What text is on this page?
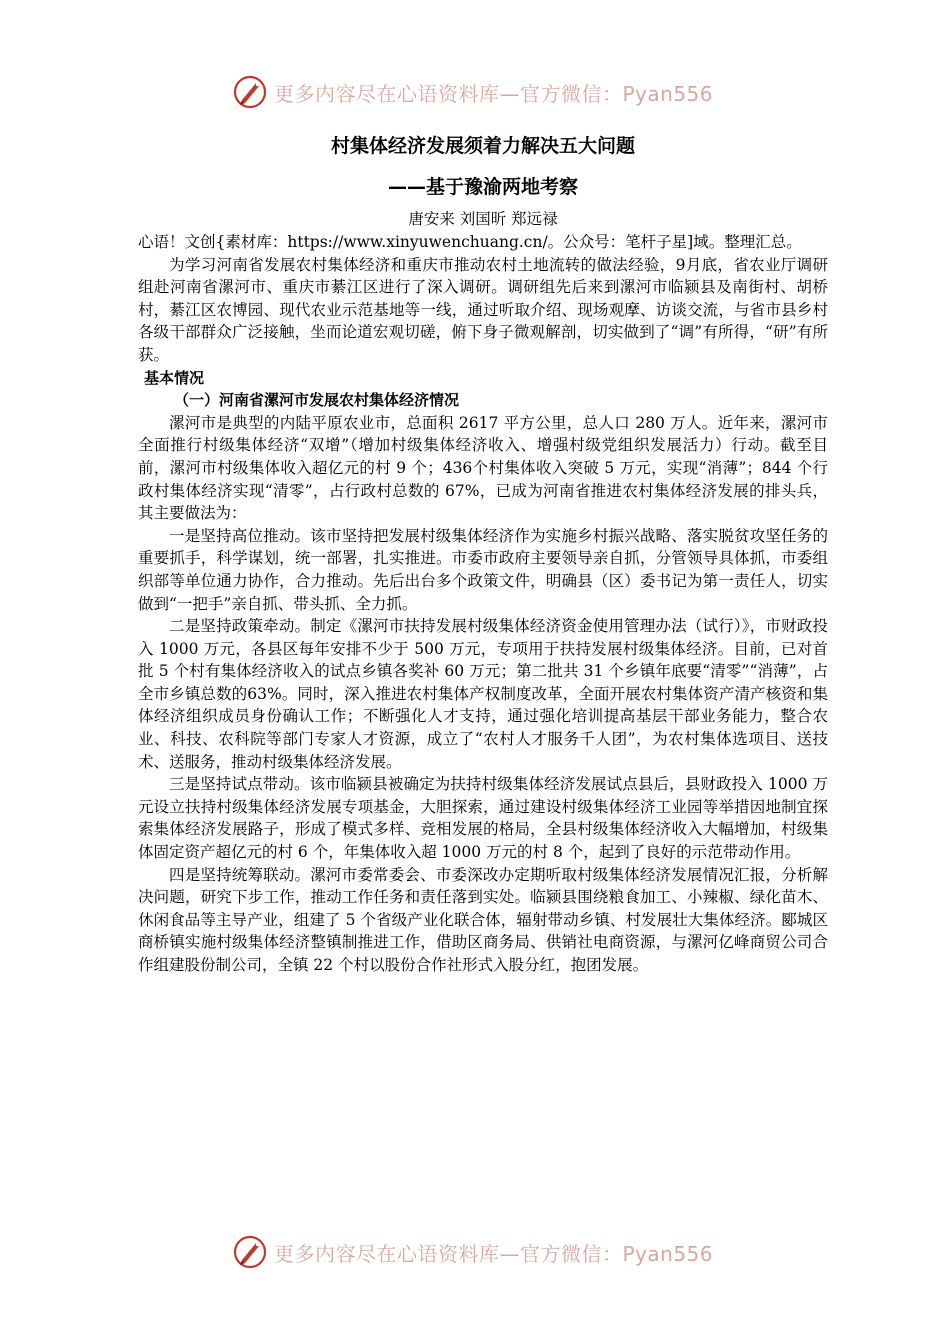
更多内容尽在心语资料库—官方微信：Pyan556
村集体经济发展须着力解决五大问题
——基于豫渝两地考察
唐安来 刘国昕 郑远禄

心语！文创{素材库：https://www.xinyuwenchuang.cn/。公众号：笔杆子星]域。整理汇总。

为学习河南省发展农村集体经济和重庆市推动农村土地流转的做法经验，9月底，省农业厅调研组赴河南省漯河市、重庆市綦江区进行了深入调研。调研组先后来到漯河市临颍县及南街村、胡桥村，綦江区农博园、现代农业示范基地等一线，通过听取介绍、现场观摩、访谈交流，与省市县乡村各级干部群众广泛接触，坐而论道宏观切磋，俯下身子微观解剖，切实做到了“调”有所得，“研”有所获。

基本情况
（一）河南省漯河市发展农村集体经济情况

漯河市是典型的内陆平原农业市，总面积 2617 平方公里，总人口 280 万人。近年来，漯河市全面推行村级集体经济“双增”（增加村级集体经济收入、增强村级党组织发展活力）行动。截至目前，漯河市村级集体收入超亿元的村 9 个；436个村集体收入突破 5 万元，实现“消薄”；844 个行政村集体经济实现“清零”，占行政村总数的 67%，已成为河南省推进农村集体经济发展的排头兵，其主要做法为：

一是坚持高位推动。该市坚持把发展村级集体经济作为实施乡村振兴战略、落实脱贫攻坚任务的重要抓手，科学谋划，统一部署，扎实推进。市委市政府主要领导亲自抓，分管领导具体抓，市委组织部等单位通力协作，合力推动。先后出台多个政策文件，明确县（区）委书记为第一责任人，切实做到“一把手”亲自抓、带头抓、全力抓。

二是坚持政策牵动。制定《漯河市扶持发展村级集体经济资金使用管理办法（试行）》，市财政投入 1000 万元，各县区每年安排不少于 500 万元，专项用于扶持发展村级集体经济。目前，已对首批 5 个村有集体经济收入的试点乡镇各奖补 60 万元；第二批共 31 个乡镇年底要“清零”“消薄”，占全市乡镇总数的63%。同时，深入推进农村集体产权制度改革，全面开展农村集体资产清产核资和集体经济组织成员身份确认工作；不断强化人才支持，通过强化培训提高基层干部业务能力，整合农业、科技、农科院等部门专家人才资源，成立了“农村人才服务千人团”，为农村集体选项目、送技术、送服务，推动村级集体经济发展。

三是坚持试点带动。该市临颍县被确定为扶持村级集体经济发展试点县后，县财政投入 1000 万元设立扶持村级集体经济发展专项基金，大胆探索，通过建设村级集体经济工业园等举措因地制宜探索集体经济发展路子，形成了模式多样、竞相发展的格局，全县村级集体经济收入大幅增加，村级集体固定资产超亿元的村 6 个，年集体收入超 1000 万元的村 8 个，起到了良好的示范带动作用。

四是坚持统筹联动。漯河市委常委会、市委深改办定期听取村级集体经济发展情况汇报，分析解决问题，研究下步工作，推动工作任务和责任落到实处。临颍县围绕粮食加工、小辣椒、绿化苗木、休闲食品等主导产业，组建了 5 个省级产业化联合体，辐射带动乡镇、村发展壮大集体经济。郾城区商桥镇实施村级集体经济整镇制推进工作，借助区商务局、供销社电商资源，与漯河亿峰商贸公司合作组建股份制公司，全镇 22 个村以股份合作社形式入股分红，抱团发展。

更多内容尽在心语资料库—官方微信：Pyan556
